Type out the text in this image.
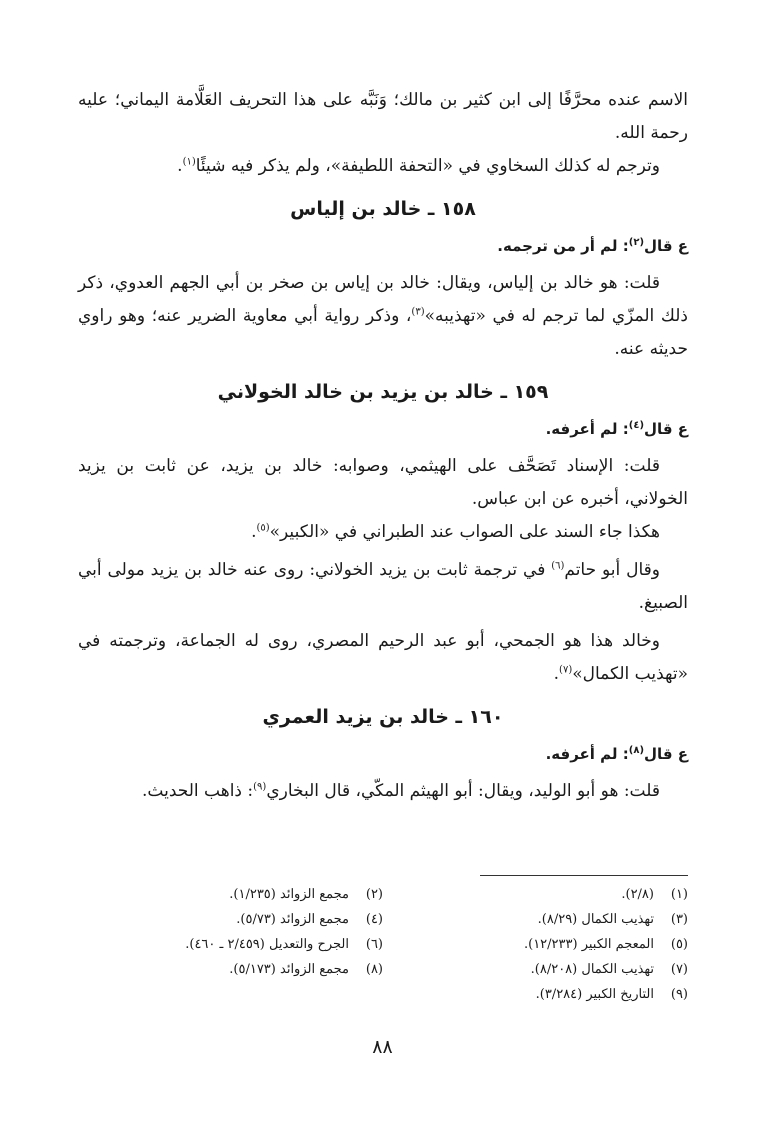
الاسم عنده محرَّفًا إلى ابن كثير بن مالك؛ وَنَبَّه على هذا التحريف العَلَّامة اليماني؛ عليه رحمة الله.

وترجم له كذلك السخاوي في «التحفة اللطيفة»، ولم يذكر فيه شيئًا$^{(١)}$.

١٥٨ ـ خالد بن إلياس
ع قال$^{(٢)}$: لم أر من ترجمه.

قلت: هو خالد بن إلياس، ويقال: خالد بن إياس بن صخر بن أبي الجهم العدوي، ذكر ذلك المزّي لما ترجم له في «تهذيبه»$^{(٣)}$، وذكر رواية أبي معاوية الضرير عنه؛ وهو راوي حديثه عنه.

١٥٩ ـ خالد بن يزيد بن خالد الخولاني
ع قال$^{(٤)}$: لم أعرفه.

قلت: الإسناد تَصَحَّف على الهيثمي، وصوابه: خالد بن يزيد، عن ثابت بن يزيد الخولاني، أخبره عن ابن عباس.

هكذا جاء السند على الصواب عند الطبراني في «الكبير»$^{(٥)}$.

وقال أبو حاتم$^{(٦)}$ في ترجمة ثابت بن يزيد الخولاني: روى عنه خالد بن يزيد مولى أبي الصبيغ.

وخالد هذا هو الجمحي، أبو عبد الرحيم المصري، روى له الجماعة، وترجمته في «تهذيب الكمال»$^{(٧)}$.

١٦٠ ـ خالد بن يزيد العمري
ع قال$^{(٨)}$: لم أعرفه.

قلت: هو أبو الوليد، ويقال: أبو الهيثم المكّي، قال البخاري$^{(٩)}$: ذاهب الحديث.

(١)(٢/٨).
(٢)مجمع الزوائد (١/٢٣٥).
(٣)تهذيب الكمال (٨/٢٩).
(٤)مجمع الزوائد (٥/٧٣).
(٥)المعجم الكبير (١٢/٢٣٣).
(٦)الجرح والتعديل (٢/٤٥٩ ـ ٤٦٠).
(٧)تهذيب الكمال (٨/٢٠٨).
(٨)مجمع الزوائد (٥/١٧٣).
(٩)التاريخ الكبير (٣/٢٨٤).
٨٨
